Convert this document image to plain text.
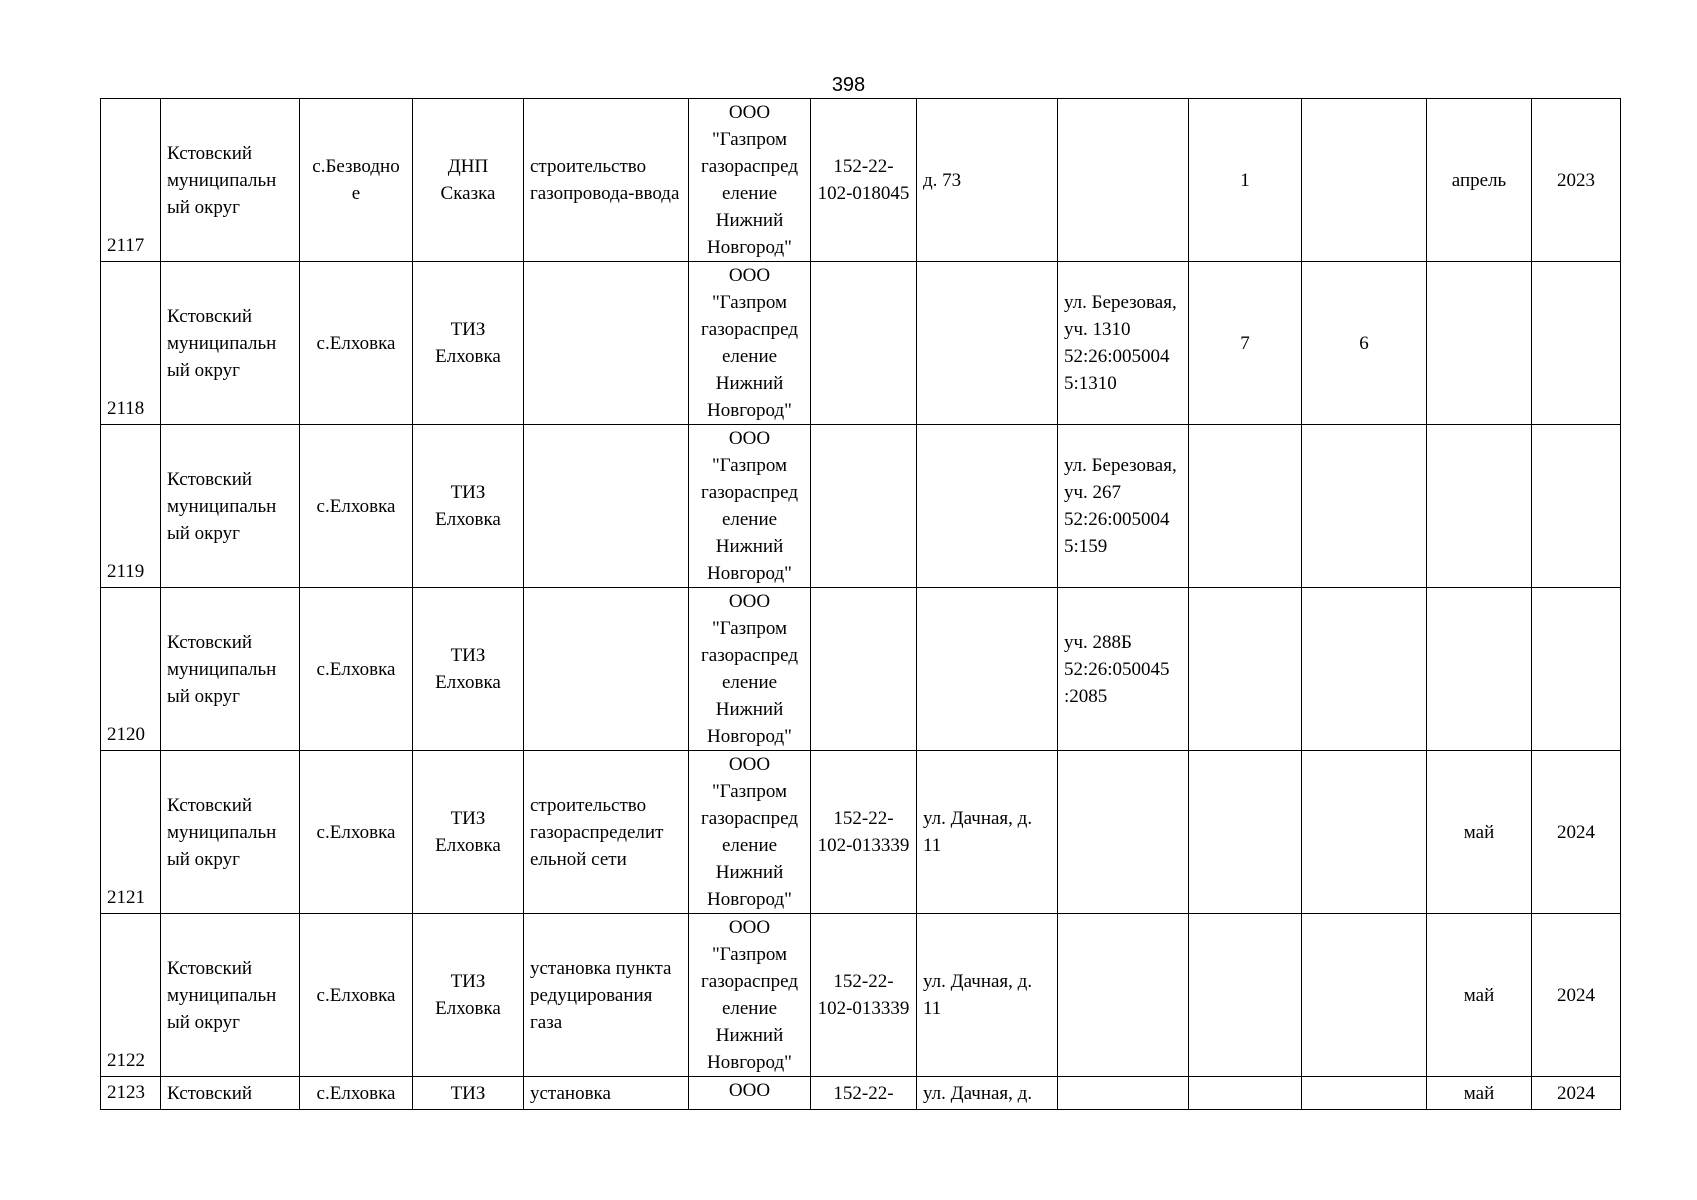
398
2117	Кстовский муниципальн ый округ	с.Безводно е	ДНП Сказка	строительство газопровода-ввода	ООО "Газпром газораспред еление Нижний Новгород"	152-22-102-018045	д. 73		1		апрель	2023
2118	Кстовский муниципальн ый округ	с.Елховка	ТИЗ Елховка		ООО "Газпром газораспред еление Нижний Новгород"			ул. Березовая, уч. 1310 52:26:005004 5:1310	7	6		
2119	Кстовский муниципальн ый округ	с.Елховка	ТИЗ Елховка		ООО "Газпром газораспред еление Нижний Новгород"			ул. Березовая, уч. 267 52:26:005004 5:159				
2120	Кстовский муниципальн ый округ	с.Елховка	ТИЗ Елховка		ООО "Газпром газораспред еление Нижний Новгород"			уч. 288Б 52:26:050045 :2085				
2121	Кстовский муниципальн ый округ	с.Елховка	ТИЗ Елховка	строительство газораспределит ельной сети	ООО "Газпром газораспред еление Нижний Новгород"	152-22-102-013339	ул. Дачная, д. 11				май	2024
2122	Кстовский муниципальн ый округ	с.Елховка	ТИЗ Елховка	установка пункта редуцирования газа	ООО "Газпром газораспред еление Нижний Новгород"	152-22-102-013339	ул. Дачная, д. 11				май	2024
2123	Кстовский	с.Елховка	ТИЗ	установка	ООО	152-22-	ул. Дачная, д.				май	2024
